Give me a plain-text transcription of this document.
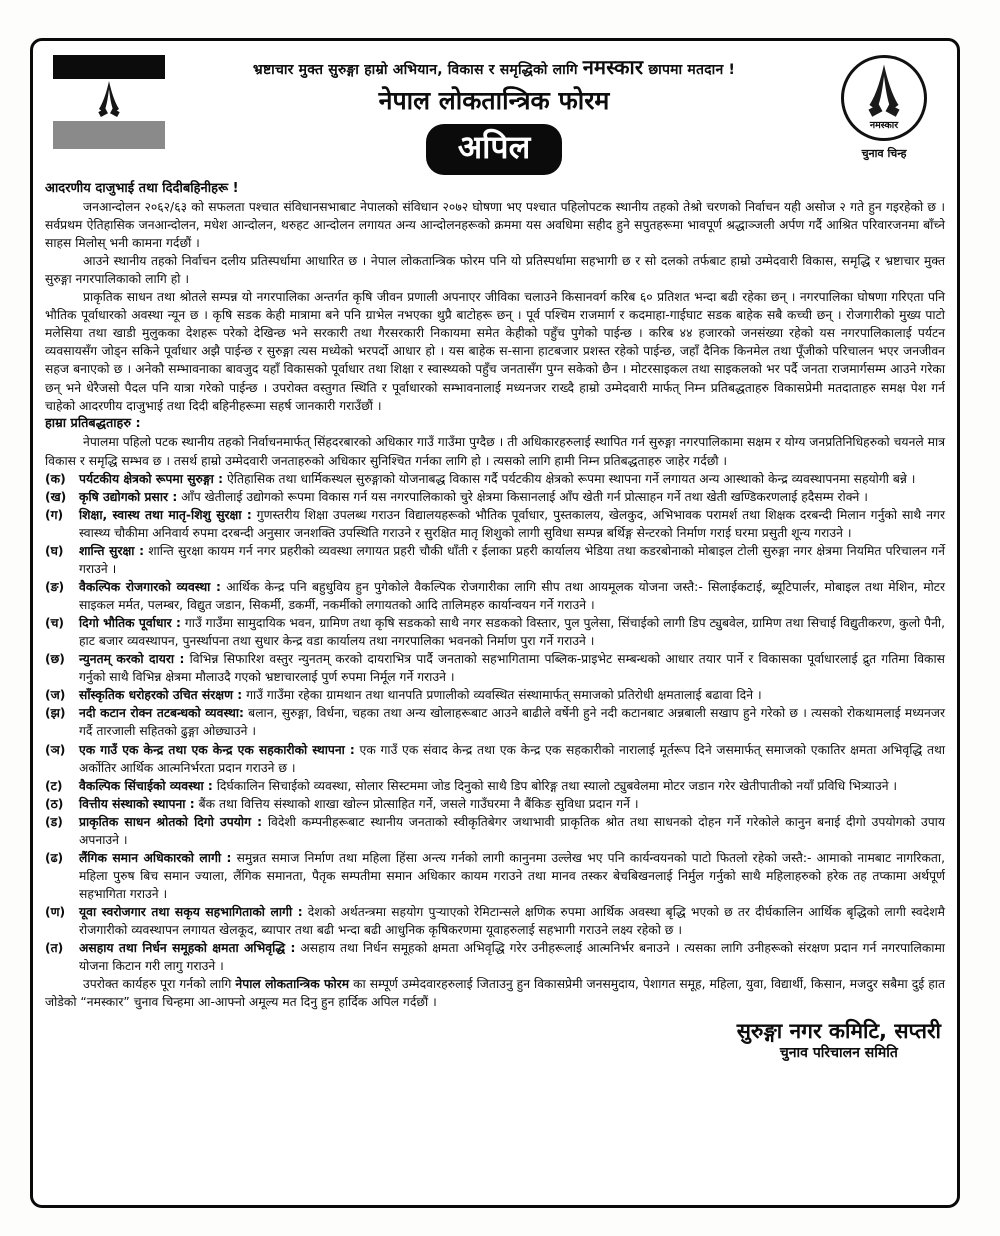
भ्रष्टाचार मुक्त सुरुङ्गा हाम्रो अभियान, विकास र समृद्धिको लागि नमस्कार छापमा मतदान !
नेपाल लोकतान्त्रिक फोरम
अपिल
नमस्कार
चुनाव चिन्ह
आदरणीय दाजुभाई तथा दिदीबहिनीहरू !

जनआन्दोलन २०६२/६३ को सफलता पश्चात संविधानसभाबाट नेपालको संविधान २०७२ घोषणा भए पश्चात पहिलोपटक स्थानीय तहको तेश्रो चरणको निर्वाचन यही असोज २ गते हुन गइरहेको छ । सर्वप्रथम ऐतिहासिक जनआन्दोलन, मधेश आन्दोलन, थरुहट आन्दोलन लगायत अन्य आन्दोलनहरूको क्रममा यस अवधिमा सहीद हुने सपुतहरूमा भावपूर्ण श्रद्धाञ्जली अर्पण गर्दै आश्रित परिवारजनमा बाँच्ने साहस मिलोस् भनी कामना गर्दछौं ।

आउने स्थानीय तहको निर्वाचन दलीय प्रतिस्पर्धामा आधारित छ । नेपाल लोकतान्त्रिक फोरम पनि यो प्रतिस्पर्धामा सहभागी छ र सो दलको तर्फबाट हाम्रो उम्मेदवारी विकास, समृद्धि र भ्रष्टाचार मुक्त सुरुङ्गा नगरपालिकाको लागि हो ।

प्राकृतिक साधन तथा श्रोतले सम्पन्न यो नगरपालिका अन्तर्गत कृषि जीवन प्रणाली अपनाएर जीविका चलाउने किसानवर्ग करिब ६० प्रतिशत भन्दा बढी रहेका छन् । नगरपालिका घोषणा गरिएता पनि भौतिक पूर्वाधारको अवस्था न्यून छ । कृषि सडक केही मात्रामा बने पनि ग्राभेल नभएका थुप्रै बाटोहरू छन् । पूर्व पश्चिम राजमार्ग र कदमाहा-गाईघाट सडक बाहेक सबै कच्ची छन् । रोजगारीको मुख्य पाटो मलेसिया तथा खाडी मुलुकका देशहरू परेको देखिन्छ भने सरकारी तथा गैरसरकारी निकायमा समेत केहीको पहुँच पुगेको पाईन्छ । करिब ४४ हजारको जनसंख्या रहेको यस नगरपालिकालाई पर्यटन व्यवसायसँग जोड्न सकिने पूर्वाधार अझै पाईन्छ र सुरुङ्गा त्यस मध्येको भरपर्दो आधार हो । यस बाहेक स-साना हाटबजार प्रशस्त रहेको पाईन्छ, जहाँ दैनिक किनमेल तथा पूँजीको परिचालन भएर जनजीवन सहज बनाएको छ । अनेकौ सम्भावनाका बावजुद यहाँ विकासको पूर्वाधार तथा शिक्षा र स्वास्थ्यको पहुँच जनतासँग पुग्न सकेको छैन । मोटरसाइकल तथा साइकलको भर पर्दै जनता राजमार्गसम्म आउने गरेका छन् भने धेरैजसो पैदल पनि यात्रा गरेको पाईन्छ । उपरोक्त वस्तुगत स्थिति र पूर्वाधारको सम्भावनालाई मध्यनजर राख्दै हाम्रो उम्मेदवारी मार्फत् निम्न प्रतिबद्धताहरु विकासप्रेमी मतदाताहरु समक्ष पेश गर्न चाहेको आदरणीय दाजुभाई तथा दिदी बहिनीहरूमा सहर्ष जानकारी गराउँछौं ।

हाम्रा प्रतिबद्धताहरु :

नेपालमा पहिलो पटक स्थानीय तहको निर्वाचनमार्फत् सिंहदरबारको अधिकार गाउँ गाउँमा पुग्दैछ । ती अधिकारहरुलाई स्थापित गर्न सुरुङ्गा नगरपालिकामा सक्षम र योग्य जनप्रतिनिधिहरुको चयनले मात्र विकास र समृद्धि सम्भव छ । तसर्थ हाम्रो उम्मेदवारी जनताहरुको अधिकार सुनिश्चित गर्नका लागि हो । त्यसको लागि हामी निम्न प्रतिबद्धताहरु जाहेर गर्दछौ ।

(क)	पर्यटकीय क्षेत्रको रूपमा सुरुङ्गा : ऐतिहासिक तथा धार्मिकस्थल सुरुङ्गाको योजनाबद्ध विकास गर्दै पर्यटकीय क्षेत्रको रूपमा स्थापना गर्ने लगायत अन्य आस्थाको केन्द्र व्यवस्थापनमा सहयोगी बन्ने ।
(ख)	कृषि उद्योगको प्रसार : आँप खेतीलाई उद्योगको रूपमा विकास गर्न यस नगरपालिकाको चुरे क्षेत्रमा किसानलाई आँप खेती गर्न प्रोत्साहन गर्ने तथा खेती खण्डिकरणलाई हदैसम्म रोक्ने ।
(ग)	शिक्षा, स्वास्थ तथा मातृ-शिशु सुरक्षा : गुणस्तरीय शिक्षा उपलब्ध गराउन विद्यालयहरूको भौतिक पूर्वाधार, पुस्तकालय, खेलकुद, अभिभावक परामर्श तथा शिक्षक दरबन्दी मिलान गर्नुको साथै नगर स्वास्थ्य चौकीमा अनिवार्य रुपमा दरबन्दी अनुसार जनशक्ति उपस्थिति गराउने र सुरक्षित मातृ शिशुको लागी सुविधा सम्पन्न बर्थिङ्ग सेन्टरको निर्माण गराई घरमा प्रसुती शून्य गराउने ।
(घ)	शान्ति सुरक्षा : शान्ति सुरक्षा कायम गर्न नगर प्रहरीको व्यवस्था लगायत प्रहरी चौकी धाँती र ईलाका प्रहरी कार्यालय भेडिया तथा कडरबोनाको मोबाइल टोली सुरुङ्गा नगर क्षेत्रमा नियमित परिचालन गर्ने गराउने ।
(ङ)	वैकल्पिक रोजगारको व्यवस्था : आर्थिक केन्द्र पनि बहुधुविय हुन पुगेकोले वैकल्पिक रोजगारीका लागि सीप तथा आयमूलक योजना जस्तै:- सिलाईकटाई, ब्यूटिपार्लर, मोबाइल तथा मेशिन, मोटर साइकल मर्मत, पलम्बर, विद्युत जडान, सिकर्मी, डकर्मी, नकर्मीको लगायतको आदि तालिमहरु कार्यान्वयन गर्ने गराउने ।
(च)	दिगो भौतिक पूर्वाधार : गाउँ गाउँमा सामुदायिक भवन, ग्रामिण तथा कृषि सडकको साथै नगर सडकको विस्तार, पुल पुलेसा, सिंचाईको लागी डिप ट्युबवेल, ग्रामिण तथा सिचाई विद्युतीकरण, कुलो पैनी, हाट बजार व्यवस्थापन, पुनर्स्थापना तथा सुधार केन्द्र वडा कार्यालय तथा नगरपालिका भवनको निर्माण पुरा गर्ने गराउने ।
(छ)	न्युनतम् करको दायरा : विभिन्न सिफारिश वस्तुर न्युनतम् करको दायराभित्र पार्दै जनताको सहभागितामा पब्लिक-प्राइभेट सम्बन्धको आधार तयार पार्ने र विकासका पूर्वाधारलाई द्रुत गतिमा विकास गर्नुको साथै विभिन्न क्षेत्रमा मौलाउदै गएको भ्रष्टाचारलाई पुर्ण रुपमा निर्मूल गर्ने गराउने ।
(ज)	साँस्कृतिक धरोहरको उचित संरक्षण : गाउँ गाउँमा रहेका ग्रामथान तथा थानपति प्रणालीको व्यवस्थित संस्थामार्फत् समाजको प्रतिरोधी क्षमतालाई बढावा दिने ।
(झ)	नदी कटान रोक्न तटबन्धको व्यवस्था: बलान, सुरुङ्गा, विर्धना, चहका तथा अन्य खोलाहरूबाट आउने बाढीले वर्षेनी हुने नदी कटानबाट अन्नबाली सखाप हुने गरेको छ । त्यसको रोकथामलाई मध्यनजर गर्दै तारजाली सहितको ढुङ्गा ओछ्याउने ।
(ञ)	एक गाउँ एक केन्द्र तथा एक केन्द्र एक सहकारीको स्थापना : एक गाउँ एक संवाद केन्द्र तथा एक केन्द्र एक सहकारीको नारालाई मूर्तरूप दिने जसमार्फत् समाजको एकातिर क्षमता अभिवृद्धि तथा अर्कोतिर आर्थिक आत्मनिर्भरता प्रदान गराउने छ ।
(ट)	वैकल्पिक सिंचाईको व्यवस्था : दिर्घकालिन सिचाईको व्यवस्था, सोलार सिस्टममा जोड दिनुको साथै डिप बोरिङ्ग तथा स्यालो ट्युबवेलमा मोटर जडान गरेर खेतीपातीको नयाँ प्रविधि भित्र्याउने ।
(ठ)	वित्तीय संस्थाको स्थापना : बैंक तथा वित्तिय संस्थाको शाखा खोल्न प्रोत्साहित गर्ने, जसले गाउँघरमा नै बैंकिङ सुविधा प्रदान गर्ने ।
(ड)	प्राकृतिक साधन श्रोतको दिगो उपयोग : विदेशी कम्पनीहरूबाट स्थानीय जनताको स्वीकृतिबेगर जथाभावी प्राकृतिक श्रोत तथा साधनको दोहन गर्ने गरेकोले कानुन बनाई दीगो उपयोगको उपाय अपनाउने ।
(ढ)	लैंगिक समान अधिकारको लागी : समुन्नत समाज निर्माण तथा महिला हिंसा अन्त्य गर्नको लागी कानुनमा उल्लेख भए पनि कार्यन्वयनको पाटो फितलो रहेको जस्तै:- आमाको नामबाट नागरिकता, महिला पुरुष बिच समान ज्याला, लैंगिक समानता, पैतृक सम्पतीमा समान अधिकार कायम गराउने तथा मानव तस्कर बेचबिखनलाई निर्मुल गर्नुको साथै महिलाहरुको हरेक तह तप्कामा अर्थपूर्ण सहभागिता गराउने ।
(ण)	यूवा स्वरोजगार तथा सकृय सहभागिताको लागी : देशको अर्थतन्त्रमा सहयोग पुर्‍याएको रेमिटान्सले क्षणिक रुपमा आर्थिक अवस्था बृद्धि भएको छ तर दीर्घकालिन आर्थिक बृद्धिको लागी स्वदेशमै रोजगारीको व्यवस्थापन लगायत खेलकूद, ब्यापार तथा बढी भन्दा बढी आधुनिक कृषिकरणमा यूवाहरुलाई सहभागी गराउने लक्ष्य रहेको छ ।
(त)	असहाय तथा निर्धन समूहको क्षमता अभिवृद्धि : असहाय तथा निर्धन समूहको क्षमता अभिवृद्धि गरेर उनीहरूलाई आत्मनिर्भर बनाउने । त्यसका लागि उनीहरूको संरक्षण प्रदान गर्न नगरपालिकामा योजना किटान गरी लागु गराउने ।

उपरोक्त कार्यहरु पूरा गर्नको लागि नेपाल लोकतान्त्रिक फोरम का सम्पूर्ण उम्मेदवारहरुलाई जिताउनु हुन विकासप्रेमी जनसमुदाय, पेशागत समूह, महिला, युवा, विद्यार्थी, किसान, मजदुर सबैमा दुई हात जोडेको “नमस्कार” चुनाव चिन्हमा आ-आफ्नो अमूल्य मत दिनु हुन हार्दिक अपिल गर्दछौं ।

सुरुङ्गा नगर कमिटि, सप्तरी
चुनाव परिचालन समिति
